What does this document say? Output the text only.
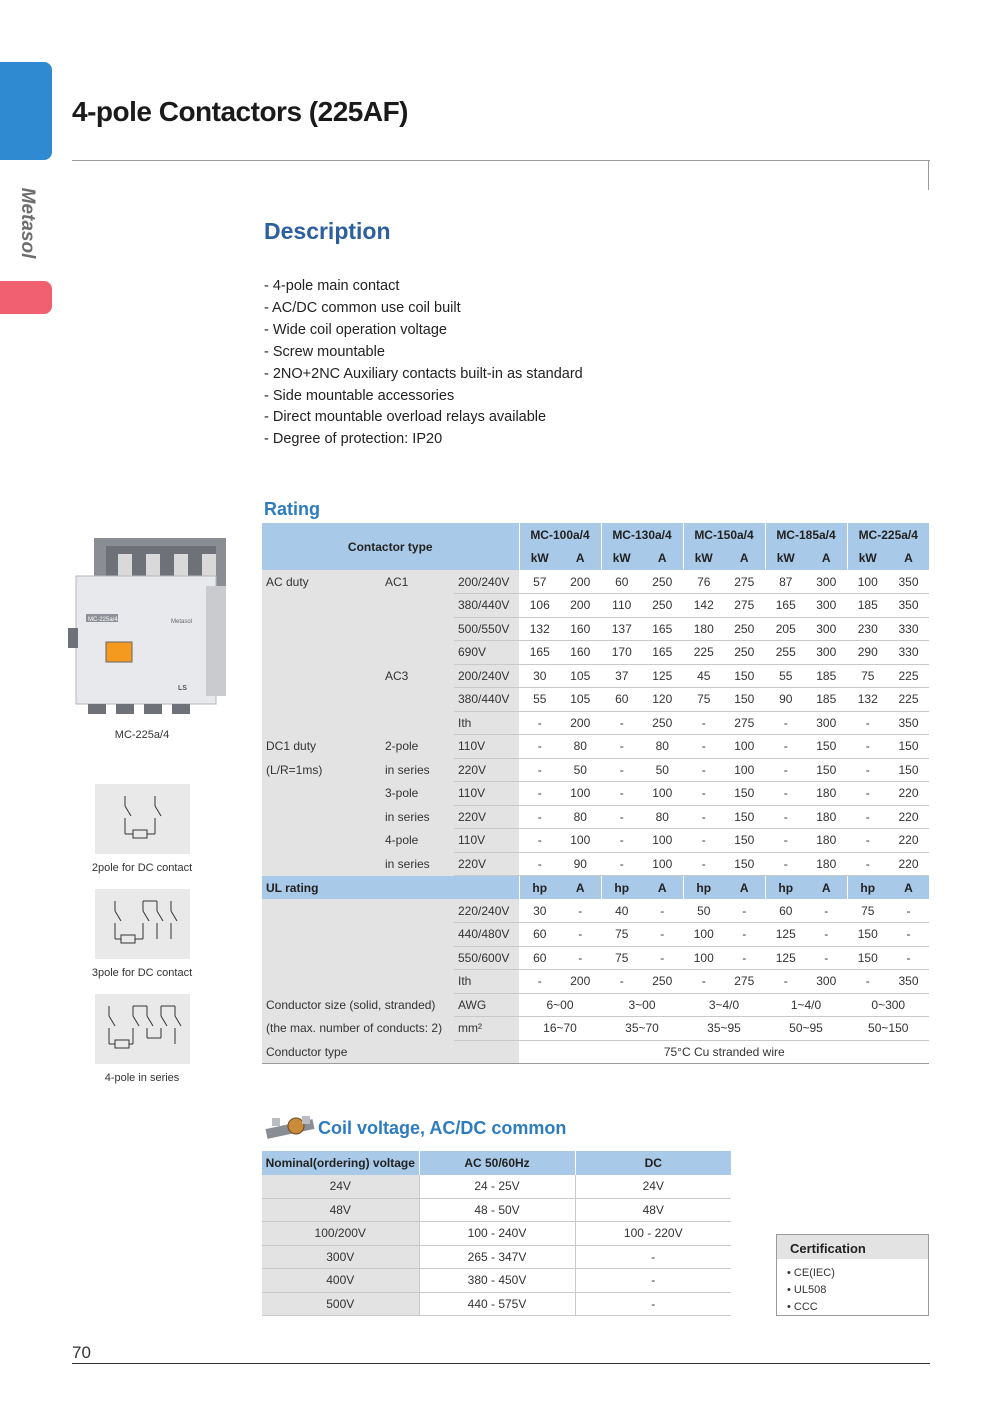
Metasol
4-pole Contactors (225AF)
Description
- 4-pole main contact
- AC/DC common use coil built
- Wide coil operation voltage
- Screw mountable
- 2NO+2NC Auxiliary contacts built-in as standard
- Side mountable accessories
- Direct mountable overload relays available
- Degree of protection: IP20
MC-225a/4	Metasol
LS
MC-225a/4
2pole for DC contact
3pole for DC contact
4-pole in series
Rating
Contactor type			MC-100a/4		MC-130a/4		MC-150a/4		MC-185a/4		MC-225a/4	
			kW	A	kW	A	kW	A	kW	A	kW	A
AC duty	AC1	200/240V	57	200	60	250	76	275	87	300	100	350
		380/440V	106	200	110	250	142	275	165	300	185	350
		500/550V	132	160	137	165	180	250	205	300	230	330
		690V	165	160	170	165	225	250	255	300	290	330
	AC3	200/240V	30	105	37	125	45	150	55	185	75	225
		380/440V	55	105	60	120	75	150	90	185	132	225
		Ith	-	200	-	250	-	275	-	300	-	350
DC1 duty	2-pole	110V	-	80	-	80	-	100	-	150	-	150
(L/R=1ms)	in series	220V	-	50	-	50	-	100	-	150	-	150
	3-pole	110V	-	100	-	100	-	150	-	180	-	220
	in series	220V	-	80	-	80	-	150	-	180	-	220
	4-pole	110V	-	100	-	100	-	150	-	180	-	220
	in series	220V	-	90	-	100	-	150	-	180	-	220
UL rating			hp	A	hp	A	hp	A	hp	A	hp	A
		220/240V	30	-	40	-	50	-	60	-	75	-
		440/480V	60	-	75	-	100	-	125	-	150	-
		550/600V	60	-	75	-	100	-	125	-	150	-
		Ith	-	200	-	250	-	275	-	300	-	350
Conductor size (solid, stranded)		AWG	6~00		3~00		3~4/0		1~4/0		0~300	
(the max. number of conducts: 2)		mm²	16~70		35~70		35~95		50~95		50~150	
Conductor type			75°C Cu stranded wire									
Coil voltage, AC/DC common
Nominal(ordering) voltage	AC 50/60Hz	DC
24V	24 - 25V	24V
48V	48 - 50V	48V
100/200V	100 - 240V	100 - 220V
300V	265 - 347V	-
400V	380 - 450V	-
500V	440 - 575V	-
Certification
• CE(IEC)
• UL508
• CCC
70
